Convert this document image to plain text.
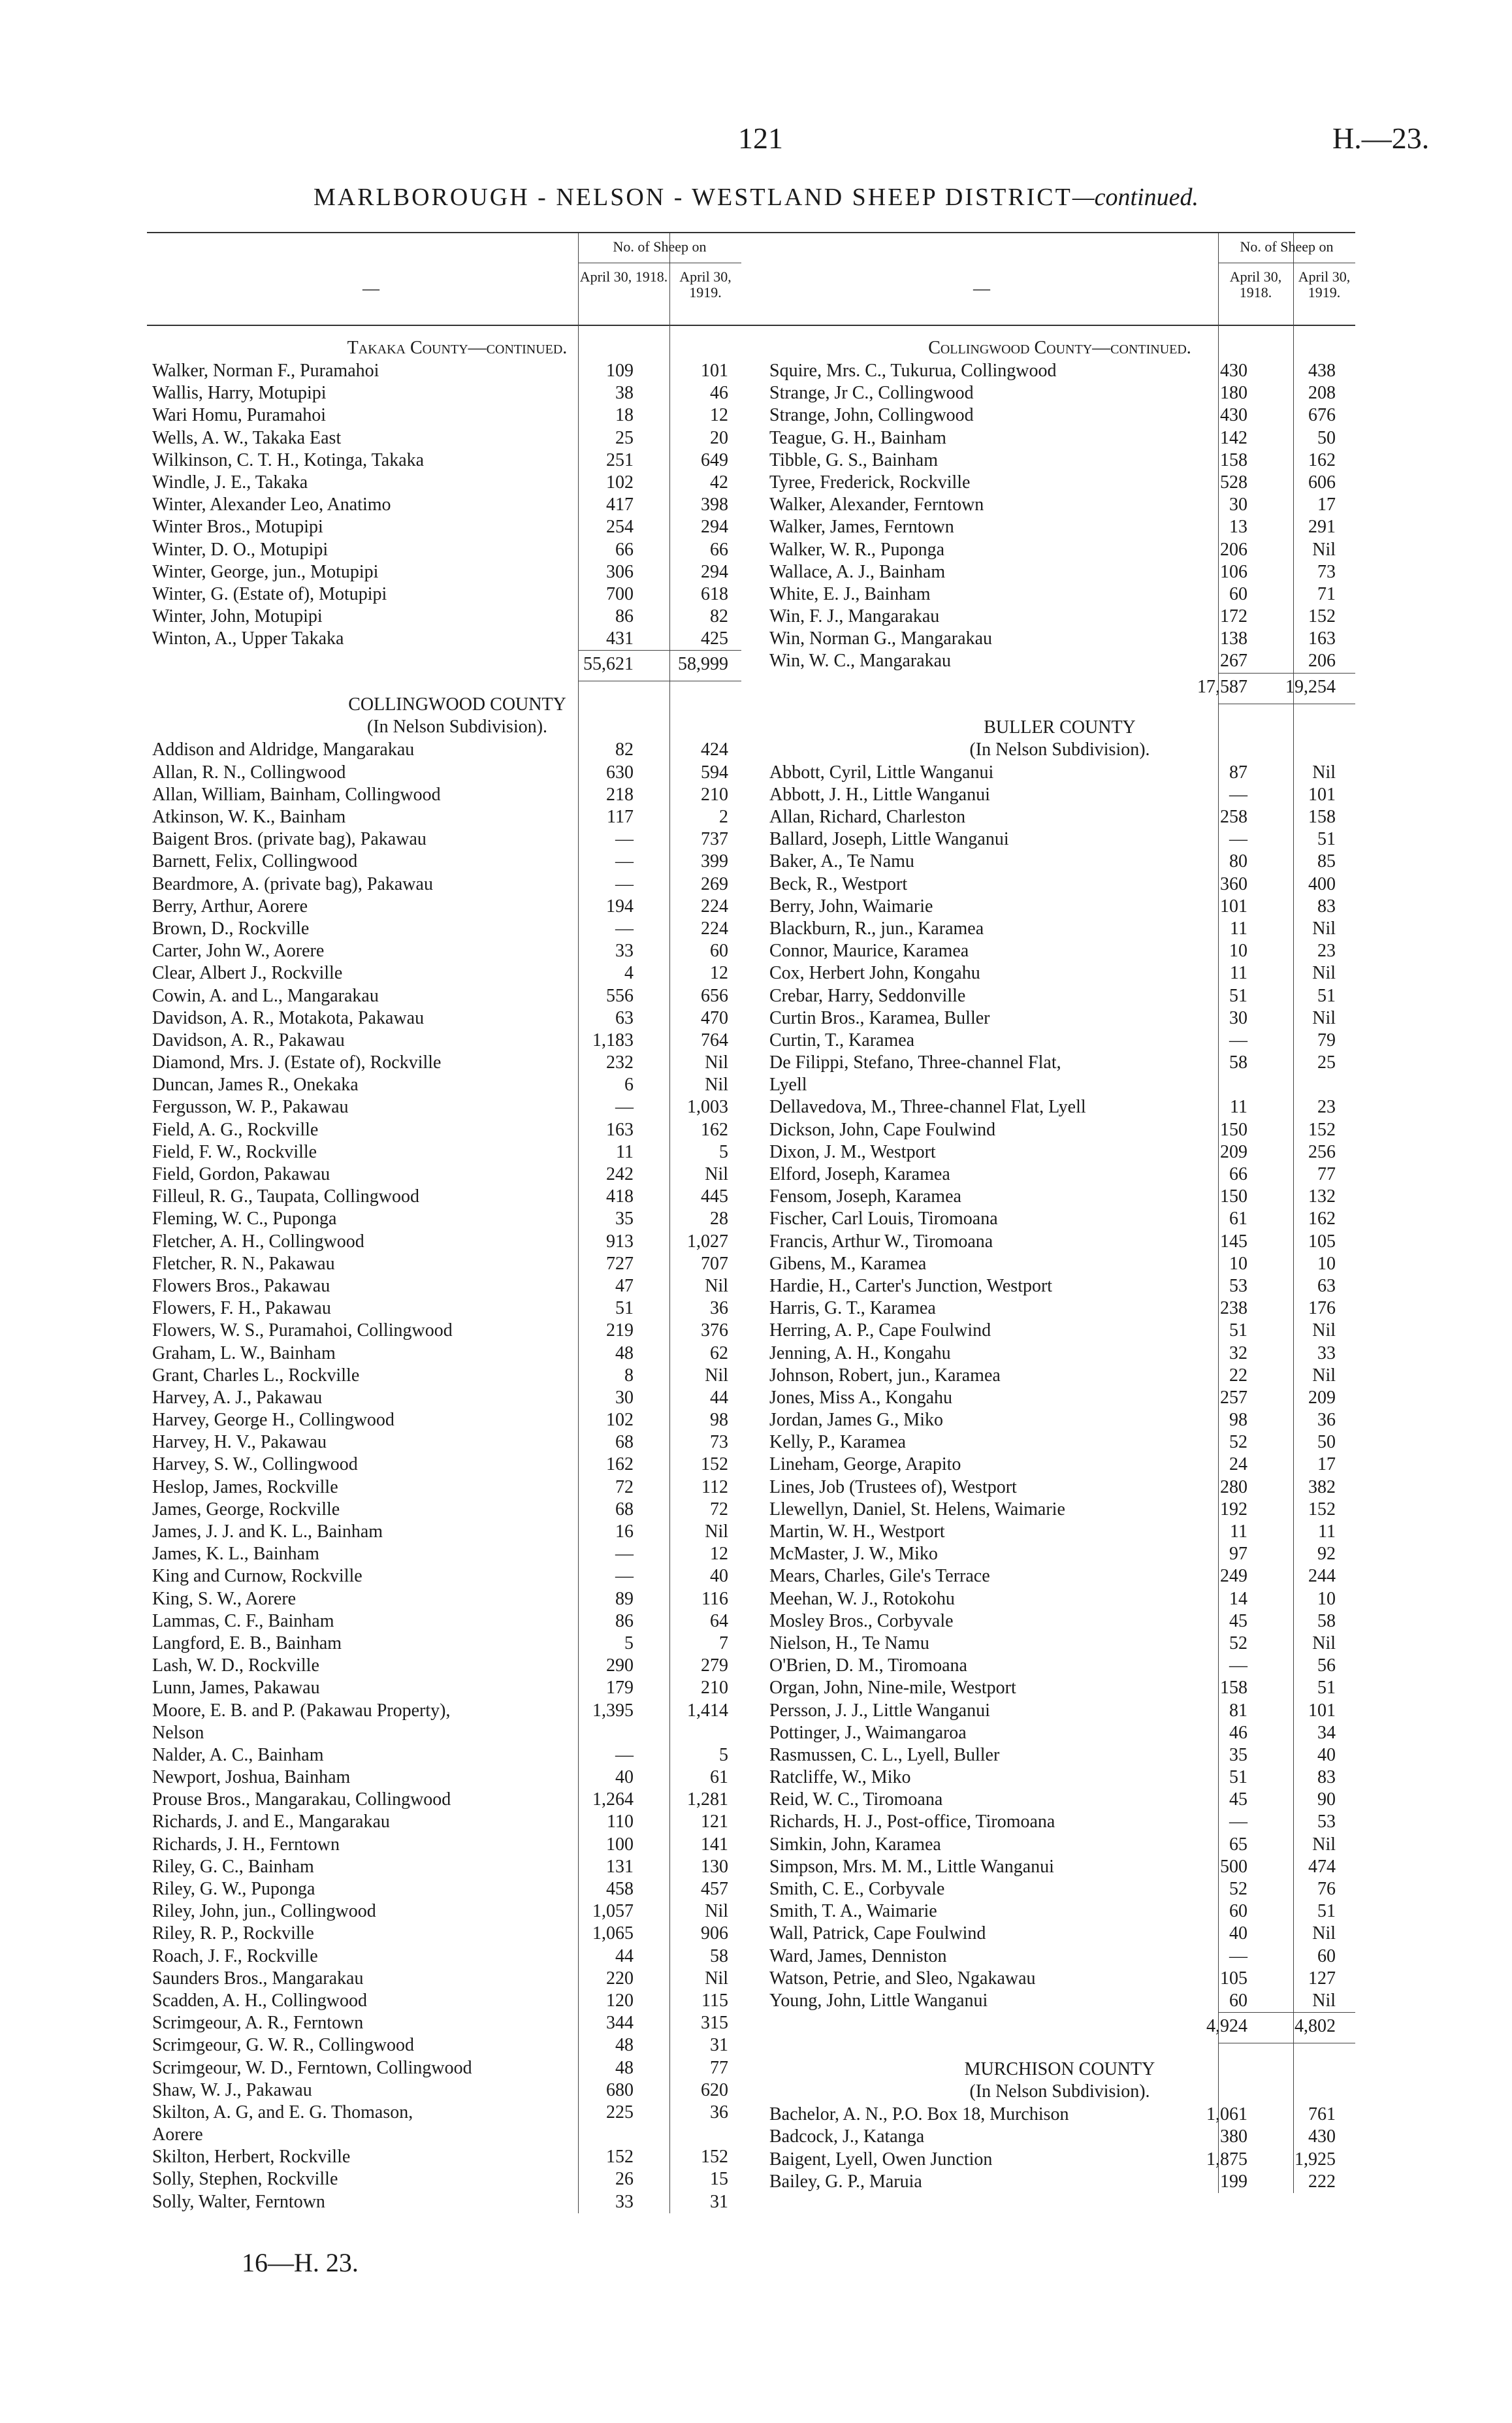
121	H.—23.
MARLBOROUGH - NELSON - WESTLAND SHEEP DISTRICT—continued.
—
No. of Sheep on
April 30, 1918. April 30, 1919.
Takaka County—continued.
Walker, Norman F., Puramahoi	109	101
Wallis, Harry, Motupipi	38	46
Wari Homu, Puramahoi	18	12
Wells, A. W., Takaka East	25	20
Wilkinson, C. T. H., Kotinga, Takaka	251	649
Windle, J. E., Takaka	102	42
Winter, Alexander Leo, Anatimo	417	398
Winter Bros., Motupipi	254	294
Winter, D. O., Motupipi	66	66
Winter, George, jun., Motupipi	306	294
Winter, G. (Estate of), Motupipi	700	618
Winter, John, Motupipi	86	82
Winton, A., Upper Takaka	431	425
55,621 58,999
COLLINGWOOD COUNTY
(In Nelson Subdivision).
Addison and Aldridge, Mangarakau	82	424
Allan, R. N., Collingwood	630	594
Allan, William, Bainham, Collingwood	218	210
Atkinson, W. K., Bainham	117	2
Baigent Bros. (private bag), Pakawau	—	737
Barnett, Felix, Collingwood	—	399
Beardmore, A. (private bag), Pakawau	—	269
Berry, Arthur, Aorere	194	224
Brown, D., Rockville	—	224
Carter, John W., Aorere	33	60
Clear, Albert J., Rockville	4	12
Cowin, A. and L., Mangarakau	556	656
Davidson, A. R., Motakota, Pakawau	63	470
Davidson, A. R., Pakawau	1,183	764
Diamond, Mrs. J. (Estate of), Rockville	232	Nil
Duncan, James R., Onekaka	6	Nil
Fergusson, W. P., Pakawau	—	1,003
Field, A. G., Rockville	163	162
Field, F. W., Rockville	11	5
Field, Gordon, Pakawau	242	Nil
Filleul, R. G., Taupata, Collingwood	418	445
Fleming, W. C., Puponga	35	28
Fletcher, A. H., Collingwood	913	1,027
Fletcher, R. N., Pakawau	727	707
Flowers Bros., Pakawau	47	Nil
Flowers, F. H., Pakawau	51	36
Flowers, W. S., Puramahoi, Collingwood	219	376
Graham, L. W., Bainham	48	62
Grant, Charles L., Rockville	8	Nil
Harvey, A. J., Pakawau	30	44
Harvey, George H., Collingwood	102	98
Harvey, H. V., Pakawau	68	73
Harvey, S. W., Collingwood	162	152
Heslop, James, Rockville	72	112
James, George, Rockville	68	72
James, J. J. and K. L., Bainham	16	Nil
James, K. L., Bainham	—	12
King and Curnow, Rockville	—	40
King, S. W., Aorere	89	116
Lammas, C. F., Bainham	86	64
Langford, E. B., Bainham	5	7
Lash, W. D., Rockville	290	279
Lunn, James, Pakawau	179	210
Moore, E. B. and P. (Pakawau Property),	1,395	1,414
Nelson
Nalder, A. C., Bainham	—	5
Newport, Joshua, Bainham	40	61
Prouse Bros., Mangarakau, Collingwood	1,264	1,281
Richards, J. and E., Mangarakau	110	121
Richards, J. H., Ferntown	100	141
Riley, G. C., Bainham	131	130
Riley, G. W., Puponga	458	457
Riley, John, jun., Collingwood	1,057	Nil
Riley, R. P., Rockville	1,065	906
Roach, J. F., Rockville	44	58
Saunders Bros., Mangarakau	220	Nil
Scadden, A. H., Collingwood	120	115
Scrimgeour, A. R., Ferntown	344	315
Scrimgeour, G. W. R., Collingwood	48	31
Scrimgeour, W. D., Ferntown, Collingwood	48	77
Shaw, W. J., Pakawau	680	620
Skilton, A. G, and E. G. Thomason,	225	36
Aorere
Skilton, Herbert, Rockville	152	152
Solly, Stephen, Rockville	26	15
Solly, Walter, Ferntown	33	31
—
No. of Sheep on
April 30, 1918.
April 30, 1919.
Collingwood County—continued.
Squire, Mrs. C., Tukurua, Collingwood	430	438
Strange, Jr C., Collingwood	180	208
Strange, John, Collingwood	430	676
Teague, G. H., Bainham	142	50
Tibble, G. S., Bainham	158	162
Tyree, Frederick, Rockville	528	606
Walker, Alexander, Ferntown	30	17
Walker, James, Ferntown	13	291
Walker, W. R., Puponga	206	Nil
Wallace, A. J., Bainham	106	73
White, E. J., Bainham	60	71
Win, F. J., Mangarakau	172	152
Win, Norman G., Mangarakau	138	163
Win, W. C., Mangarakau	267	206
17,587 19,254
BULLER COUNTY
(In Nelson Subdivision).
Abbott, Cyril, Little Wanganui	87	Nil
Abbott, J. H., Little Wanganui	—	101
Allan, Richard, Charleston	258	158
Ballard, Joseph, Little Wanganui	—	51
Baker, A., Te Namu	80	85
Beck, R., Westport	360	400
Berry, John, Waimarie	101	83
Blackburn, R., jun., Karamea	11	Nil
Connor, Maurice, Karamea	10	23
Cox, Herbert John, Kongahu	11	Nil
Crebar, Harry, Seddonville	51	51
Curtin Bros., Karamea, Buller	30	Nil
Curtin, T., Karamea	—	79
De Filippi, Stefano, Three-channel Flat,	58	25
Lyell
Dellavedova, M., Three-channel Flat, Lyell	11	23
Dickson, John, Cape Foulwind	150	152
Dixon, J. M., Westport	209	256
Elford, Joseph, Karamea	66	77
Fensom, Joseph, Karamea	150	132
Fischer, Carl Louis, Tiromoana	61	162
Francis, Arthur W., Tiromoana	145	105
Gibens, M., Karamea	10	10
Hardie, H., Carter's Junction, Westport	53	63
Harris, G. T., Karamea	238	176
Herring, A. P., Cape Foulwind	51	Nil
Jenning, A. H., Kongahu	32	33
Johnson, Robert, jun., Karamea	22	Nil
Jones, Miss A., Kongahu	257	209
Jordan, James G., Miko	98	36
Kelly, P., Karamea	52	50
Lineham, George, Arapito	24	17
Lines, Job (Trustees of), Westport	280	382
Llewellyn, Daniel, St. Helens, Waimarie	192	152
Martin, W. H., Westport	11	11
McMaster, J. W., Miko	97	92
Mears, Charles, Gile's Terrace	249	244
Meehan, W. J., Rotokohu	14	10
Mosley Bros., Corbyvale	45	58
Nielson, H., Te Namu	52	Nil
O'Brien, D. M., Tiromoana	—	56
Organ, John, Nine-mile, Westport	158	51
Persson, J. J., Little Wanganui	81	101
Pottinger, J., Waimangaroa	46	34
Rasmussen, C. L., Lyell, Buller	35	40
Ratcliffe, W., Miko	51	83
Reid, W. C., Tiromoana	45	90
Richards, H. J., Post-office, Tiromoana	—	53
Simkin, John, Karamea	65	Nil
Simpson, Mrs. M. M., Little Wanganui	500	474
Smith, C. E., Corbyvale	52	76
Smith, T. A., Waimarie	60	51
Wall, Patrick, Cape Foulwind	40	Nil
Ward, James, Denniston	—	60
Watson, Petrie, and Sleo, Ngakawau	105	127
Young, John, Little Wanganui	60	Nil
4,924	4,802
MURCHISON COUNTY
(In Nelson Subdivision).
Bachelor, A. N., P.O. Box 18, Murchison	1,061	761
Badcock, J., Katanga	380	430
Baigent, Lyell, Owen Junction	1,875	1,925
Bailey, G. P., Maruia	199	222
16—H. 23.
